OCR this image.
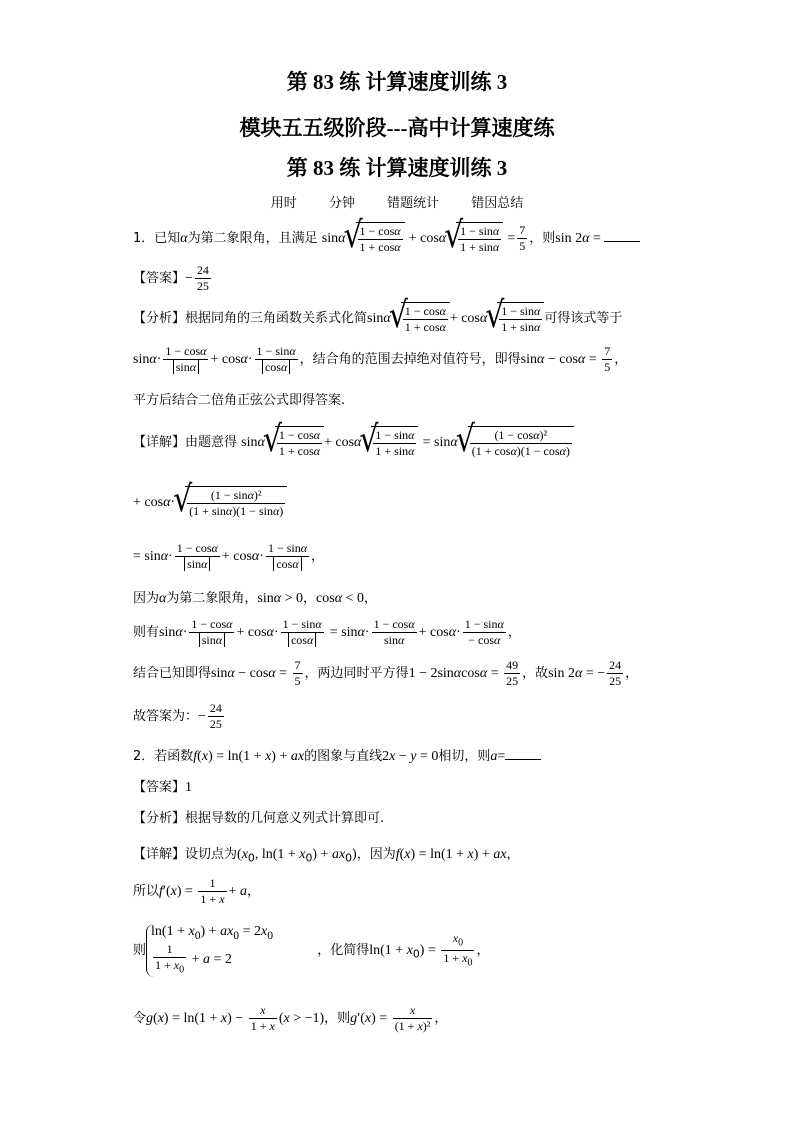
第 83 练 计算速度训练 3
模块五五级阶段---高中计算速度练
第 83 练 计算速度训练 3
用时 分钟 错题统计 错因总结
1．已知α为第二象限角，且满足 sinα √ $\frac{1 - \cos\alpha}{1 + \cos\alpha} + \cos\alpha$ √ $\frac{1 - \sin\alpha}{1 + \sin\alpha} = \frac{7}{5}$ ，则sin 2α =
【答案】− $\frac{24}{25}$
【分析】根据同角的三角函数关系式化简sinα √ $\frac{1 - \cos\alpha}{1 + \cos\alpha} + \cos\alpha$ √ $\frac{1 - \sin\alpha}{1 + \sin\alpha}$ 可得该式等于
$\sin\alpha\cdot \frac{1 - \cos\alpha}{\sin\alpha} + \cos\alpha\cdot \frac{1 - \sin\alpha}{\cos\alpha}$ ，结合角的范围去掉绝对值符号，即得$\sin\alpha - \cos\alpha = \frac{7}{5}$ ，
平方后结合二倍角正弦公式即得答案.
【详解】由题意得 sinα √ $\frac{1 - \cos\alpha}{1 + \cos\alpha} + \cos\alpha$ √ $\frac{1 - \sin\alpha}{1 + \sin\alpha} = \sin\alpha$ √ $\frac{\text{(1 − cosα)²}}{(1 + \cos\alpha)(1 - \cos\alpha)}$
+ cosα· √ $\frac{\text{(1 − sinα)²}}{(1 + \sin\alpha)(1 - \sin\alpha)}$
= $\sin\alpha\cdot \frac{1 - \cos\alpha}{\sin\alpha} + \cos\alpha\cdot \frac{1 - \sin\alpha}{\cos\alpha}$ ，
因为α为第二象限角，sinα > 0，cosα < 0，
则有$\sin\alpha\cdot \frac{1 - \cos\alpha}{\sin\alpha} + \cos\alpha\cdot \frac{1 - \sin\alpha}{\cos\alpha} = \sin\alpha\cdot \frac{1 - \cos\alpha}{\sin\alpha} + \cos\alpha\cdot \frac{1 - \sin\alpha}{- \cos\alpha}$ ，
结合已知即得$\sin\alpha - \cos\alpha = \frac{7}{5}$ ，两边同时平方得$1 - 2\sin\alpha\cos\alpha = \frac{49}{25}$ ，故sin 2α = − $\frac{24}{25}$ ，
故答案为：− $\frac{24}{25}$
2．若函数f(x) = ln(1 + x) + ax的图象与直线2x − y = 0相切，则a=
【答案】1
【分析】根据导数的几何意义列式计算即可.
【详解】设切点为($x_0$, $\ln(1 + x_0) + ax_0$)，因为f(x) = ln(1 + x) + ax，
所以$f'(x) = \frac{1}{1 + x} + a$，
则
$\ln(1 + x_0) + ax_0 = 2x_0$
$\frac{1}{1 + x_0} + a = 2$
，化简得$\ln(1 + x_0) = \frac{x_0}{1 + x_0}$ ，
令$g(x) = \ln(1 + x) - \frac{x}{1 + x} (x > -1)$，则$g'(x) = \frac{x}{\text{(1 + x)²}}$ ，
